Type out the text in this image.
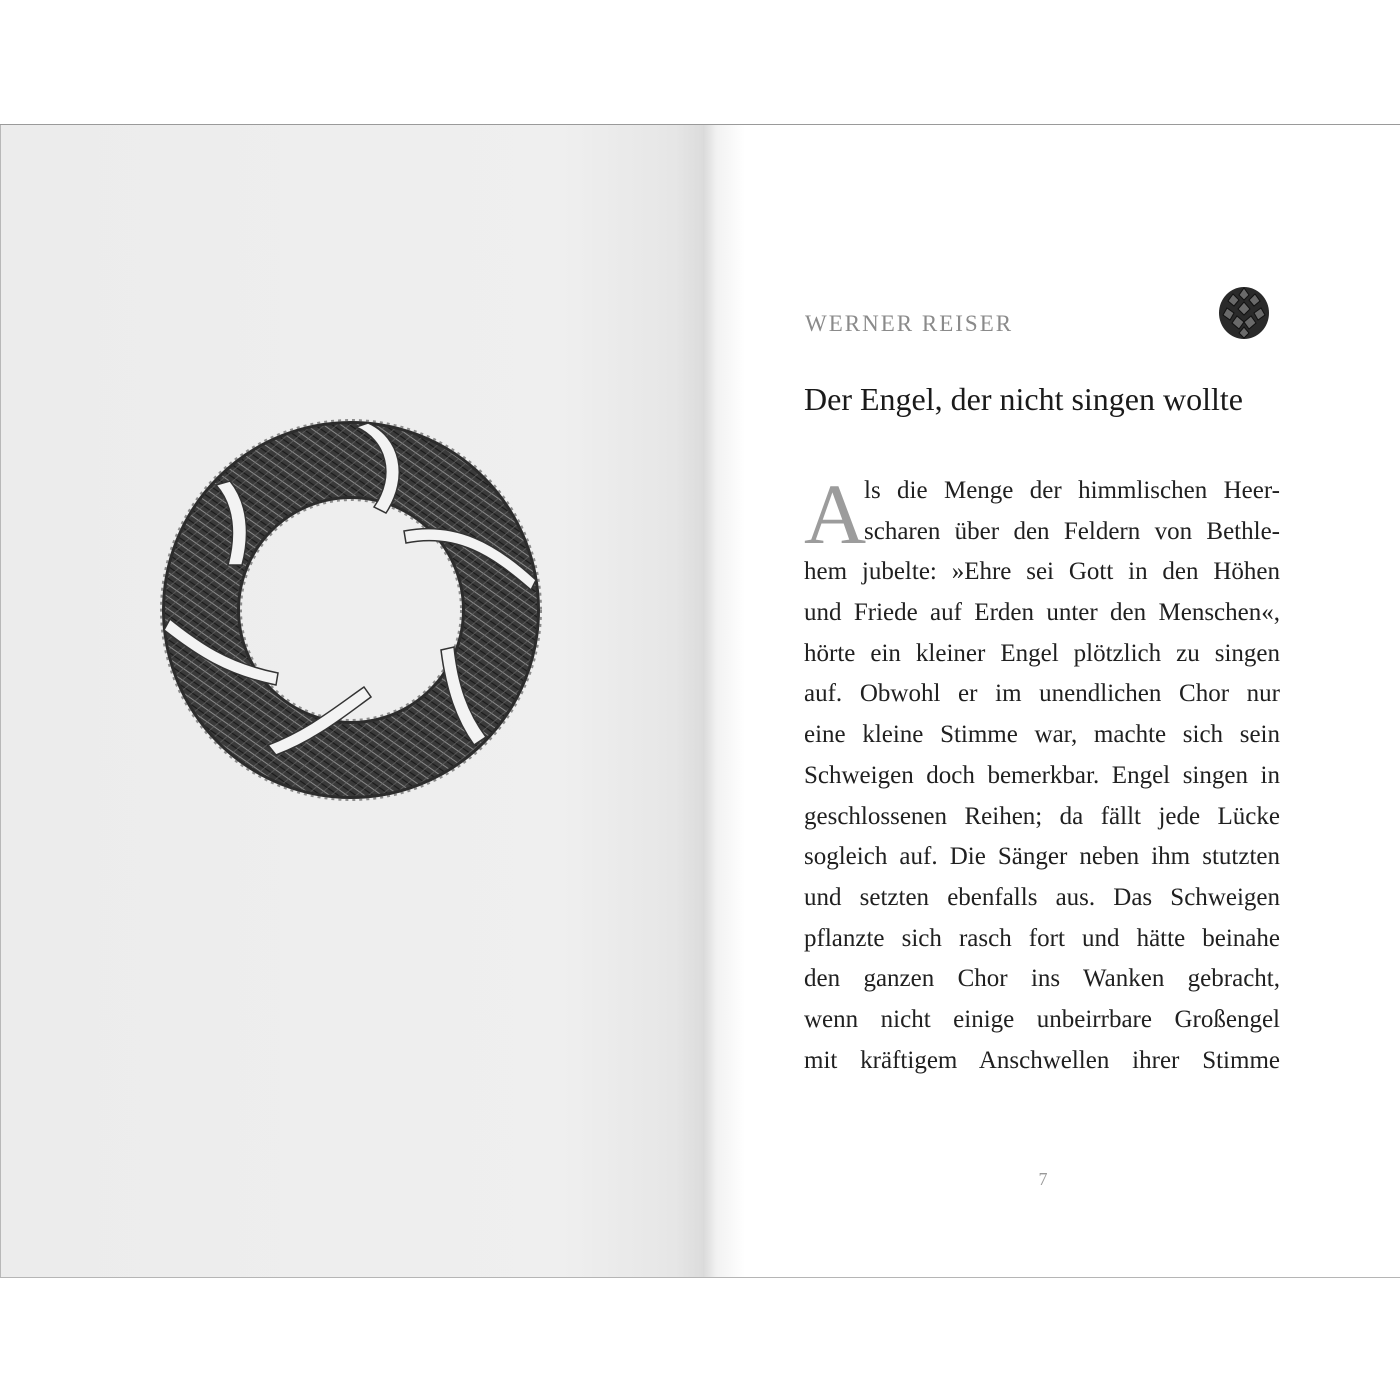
WERNER REISER
Der Engel, der nicht singen wollte
A
ls die Menge der himmlischen Heer-
scharen über den Feldern von Bethle-
hem jubelte: »Ehre sei Gott in den Höhen
und Friede auf Erden unter den Menschen«,
hörte ein kleiner Engel plötzlich zu singen
auf. Obwohl er im unendlichen Chor nur
eine kleine Stimme war, machte sich sein
Schweigen doch bemerkbar. Engel singen in
geschlossenen Reihen; da fällt jede Lücke
sogleich auf. Die Sänger neben ihm stutzten
und setzten ebenfalls aus. Das Schweigen
pflanzte sich rasch fort und hätte beinahe
den ganzen Chor ins Wanken gebracht,
wenn nicht einige unbeirrbare Großengel
mit kräftigem Anschwellen ihrer Stimme
7
